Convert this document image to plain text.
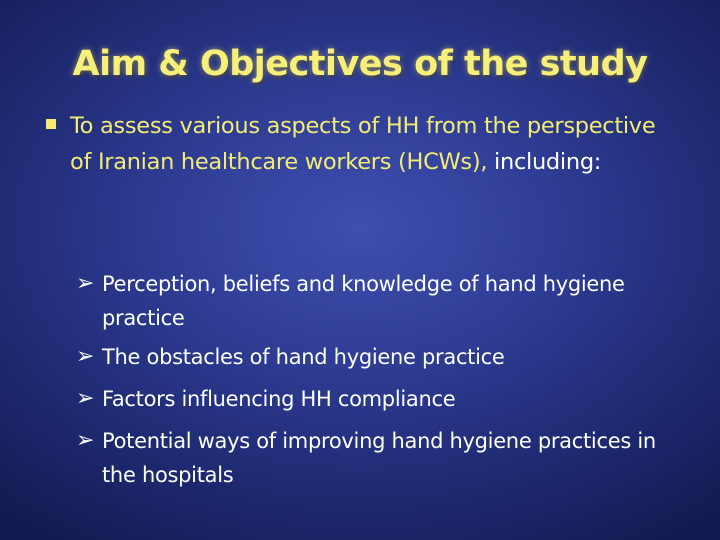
Aim & Objectives of the study
To assess various aspects of HH from the perspective of Iranian healthcare workers (HCWs), including:
➢ Perception, beliefs and knowledge of hand hygiene practice
➢ The obstacles of hand hygiene practice
➢ Factors influencing HH compliance
➢ Potential ways of improving hand hygiene practices in the hospitals
